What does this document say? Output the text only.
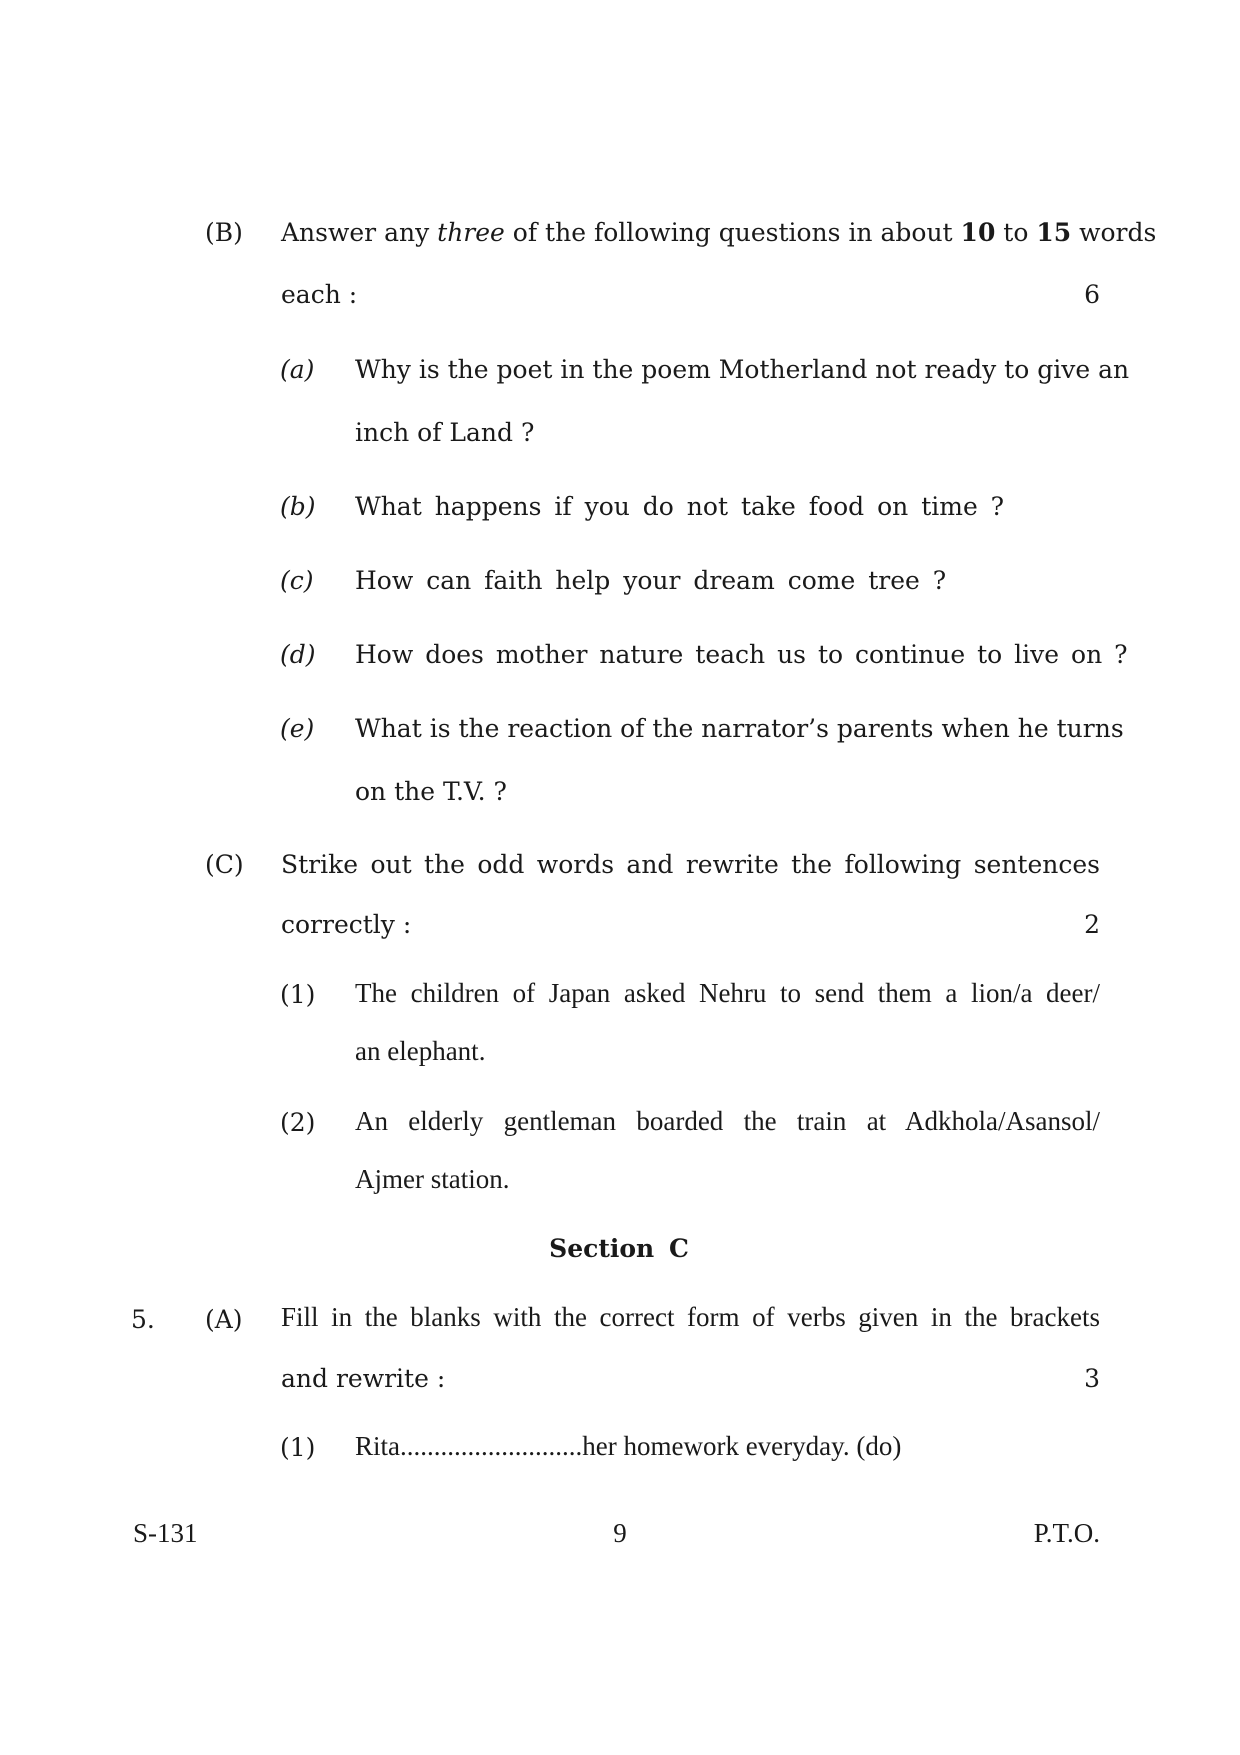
(B) Answer any three of the following questions in about 10 to 15 words
each :	6
(a) Why is the poet in the poem Motherland not ready to give an
inch of Land ?
(b) What happens if you do not take food on time ?
(c) How can faith help your dream come tree ?
(d) How does mother nature teach us to continue to live on ?
(e) What is the reaction of the narrator’s parents when he turns
on the T.V. ?
(C) Strike out the odd words and rewrite the following sentences
correctly :	2
(1) The children of Japan asked Nehru to send them a lion/a deer/
an elephant.
(2) An elderly gentleman boarded the train at Adkhola/Asansol/
Ajmer station.
Section C
5. (A) Fill in the blanks with the correct form of verbs given in the brackets
and rewrite :	3
(1) Rita...........................her homework everyday. (do)
S-131	9	P.T.O.
